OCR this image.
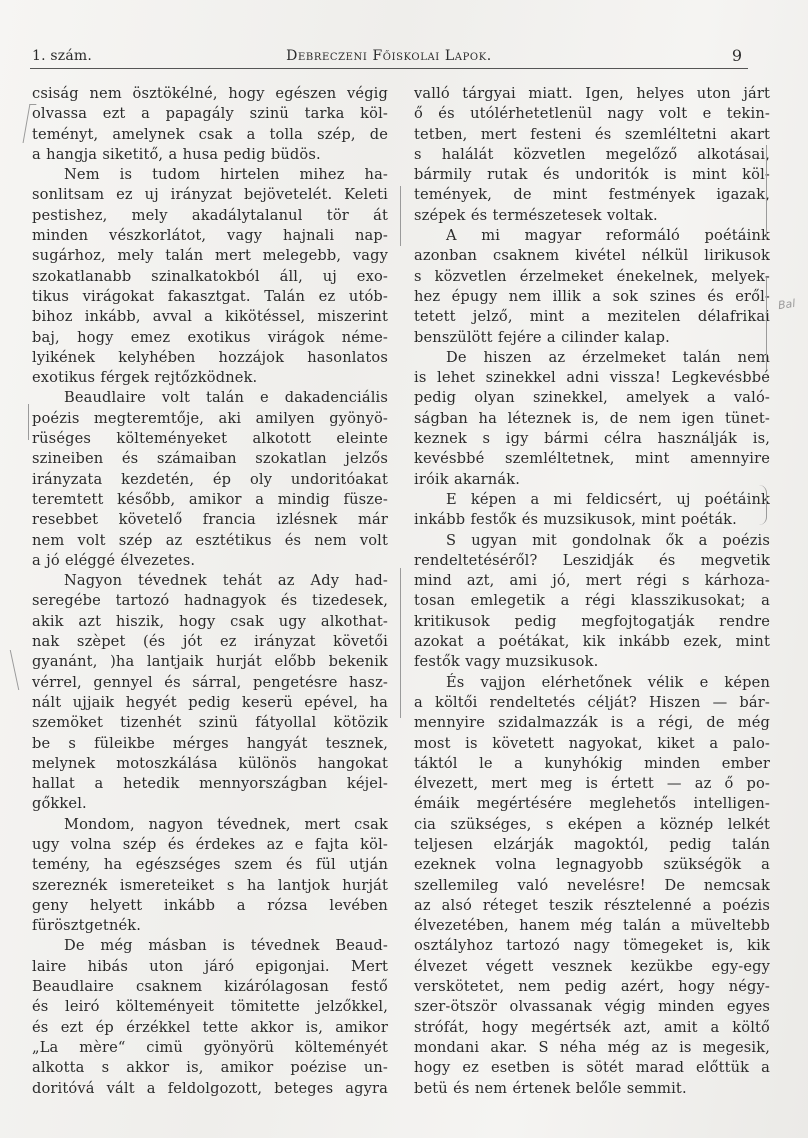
1. szám.	Debreczeni Főiskolai Lapok.	9
csiság nem ösztökélné, hogy egészen végig
olvassa ezt a papagály szinü tarka köl-
teményt, amelynek csak a tolla szép, de
a hangja siketitő, a husa pedig büdös.
Nem is tudom hirtelen mihez ha-
sonlitsam ez uj irányzat bejövetelét. Keleti
pestishez, mely akadálytalanul tör át
minden vészkorlátot, vagy hajnali nap-
sugárhoz, mely talán mert melegebb, vagy
szokatlanabb szinalkatokból áll, uj exo-
tikus virágokat fakasztgat. Talán ez utób-
bihoz inkább, avval a kikötéssel, miszerint
baj, hogy emez exotikus virágok néme-
lyikének kelyhében hozzájok hasonlatos
exotikus férgek rejtőzködnek.
Beaudlaire volt talán e dakadenciális
poézis megteremtője, aki amilyen gyönyö-
rüséges költeményeket alkotott eleinte
szineiben és számaiban szokatlan jelzős
irányzata kezdetén, ép oly undoritóakat
teremtett később, amikor a mindig füsze-
resebbet követelő francia izlésnek már
nem volt szép az esztétikus és nem volt
a jó eléggé élvezetes.
Nagyon tévednek tehát az Ady had-
seregébe tartozó hadnagyok és tizedesek,
akik azt hiszik, hogy csak ugy alkothat-
nak szèpet (és jót ez irányzat követői
gyanánt, )ha lantjaik hurját előbb bekenik
vérrel, gennyel és sárral, pengetésre hasz-
nált ujjaik hegyét pedig keserü epével, ha
szemöket tizenhét szinü fátyollal kötözik
be s füleikbe mérges hangyát tesznek,
melynek motoszkálása különös hangokat
hallat a hetedik mennyországban kéjel-
gőkkel.
Mondom, nagyon tévednek, mert csak
ugy volna szép és érdekes az e fajta köl-
temény, ha egészséges szem és fül utján
szereznék ismereteiket s ha lantjok hurját
geny helyett inkább a rózsa levében
fürösztgetnék.
De még másban is tévednek Beaud-
laire hibás uton járó epigonjai. Mert
Beaudlaire csaknem kizárólagosan festő
és leiró költeményeit tömitette jelzőkkel,
és ezt ép érzékkel tette akkor is, amikor
„La mère“ cimü gyönyörü költeményét
alkotta s akkor is, amikor poézise un-
doritóvá vált a feldolgozott, beteges agyra
valló tárgyai miatt. Igen, helyes uton járt
ő és utólérhetetlenül nagy volt e tekin-
tetben, mert festeni és szemléltetni akart
s halálát közvetlen megelőző alkotásai,
bármily rutak és undoritók is mint köl-
temények, de mint festmények igazak,
szépek és természetesek voltak.
A mi magyar reformáló poétáink
azonban csaknem kivétel nélkül lirikusok
s közvetlen érzelmeket énekelnek, melyek-
hez épugy nem illik a sok szines és eről-
tetett jelző, mint a mezitelen délafrikai
benszülött fejére a cilinder kalap.
De hiszen az érzelmeket talán nem
is lehet szinekkel adni vissza! Legkevésbbé
pedig olyan szinekkel, amelyek a való-
ságban ha léteznek is, de nem igen tünet-
keznek s igy bármi célra használják is,
kevésbbé szemléltetnek, mint amennyire
iróik akarnák.
E képen a mi feldicsért, uj poétáink
inkább festők és muzsikusok, mint poéták.
S ugyan mit gondolnak ők a poézis
rendeltetéséről? Leszidják és megvetik
mind azt, ami jó, mert régi s kárhoza-
tosan emlegetik a régi klasszikusokat; a
kritikusok pedig megfojtogatják rendre
azokat a poétákat, kik inkább ezek, mint
festők vagy muzsikusok.
És vajjon elérhetőnek vélik e képen
a költői rendeltetés célját? Hiszen — bár-
mennyire szidalmazzák is a régi, de még
most is követett nagyokat, kiket a palo-
táktól le a kunyhókig minden ember
élvezett, mert meg is értett — az ő po-
émáik megértésére meglehetős intelligen-
cia szükséges, s eképen a köznép lelkét
teljesen elzárják magoktól, pedig talán
ezeknek volna legnagyobb szükségök a
szellemileg való nevelésre! De nemcsak
az alsó réteget teszik résztelenné a poézis
élvezetében, hanem még talán a müveltebb
osztályhoz tartozó nagy tömegeket is, kik
élvezet végett vesznek kezükbe egy-egy
verskötetet, nem pedig azért, hogy négy-
szer-ötször olvassanak végig minden egyes
strófát, hogy megértsék azt, amit a költő
mondani akar. S néha még az is megesik,
hogy ez esetben is sötét marad előttük a
betü és nem értenek belőle semmit.
Bal
